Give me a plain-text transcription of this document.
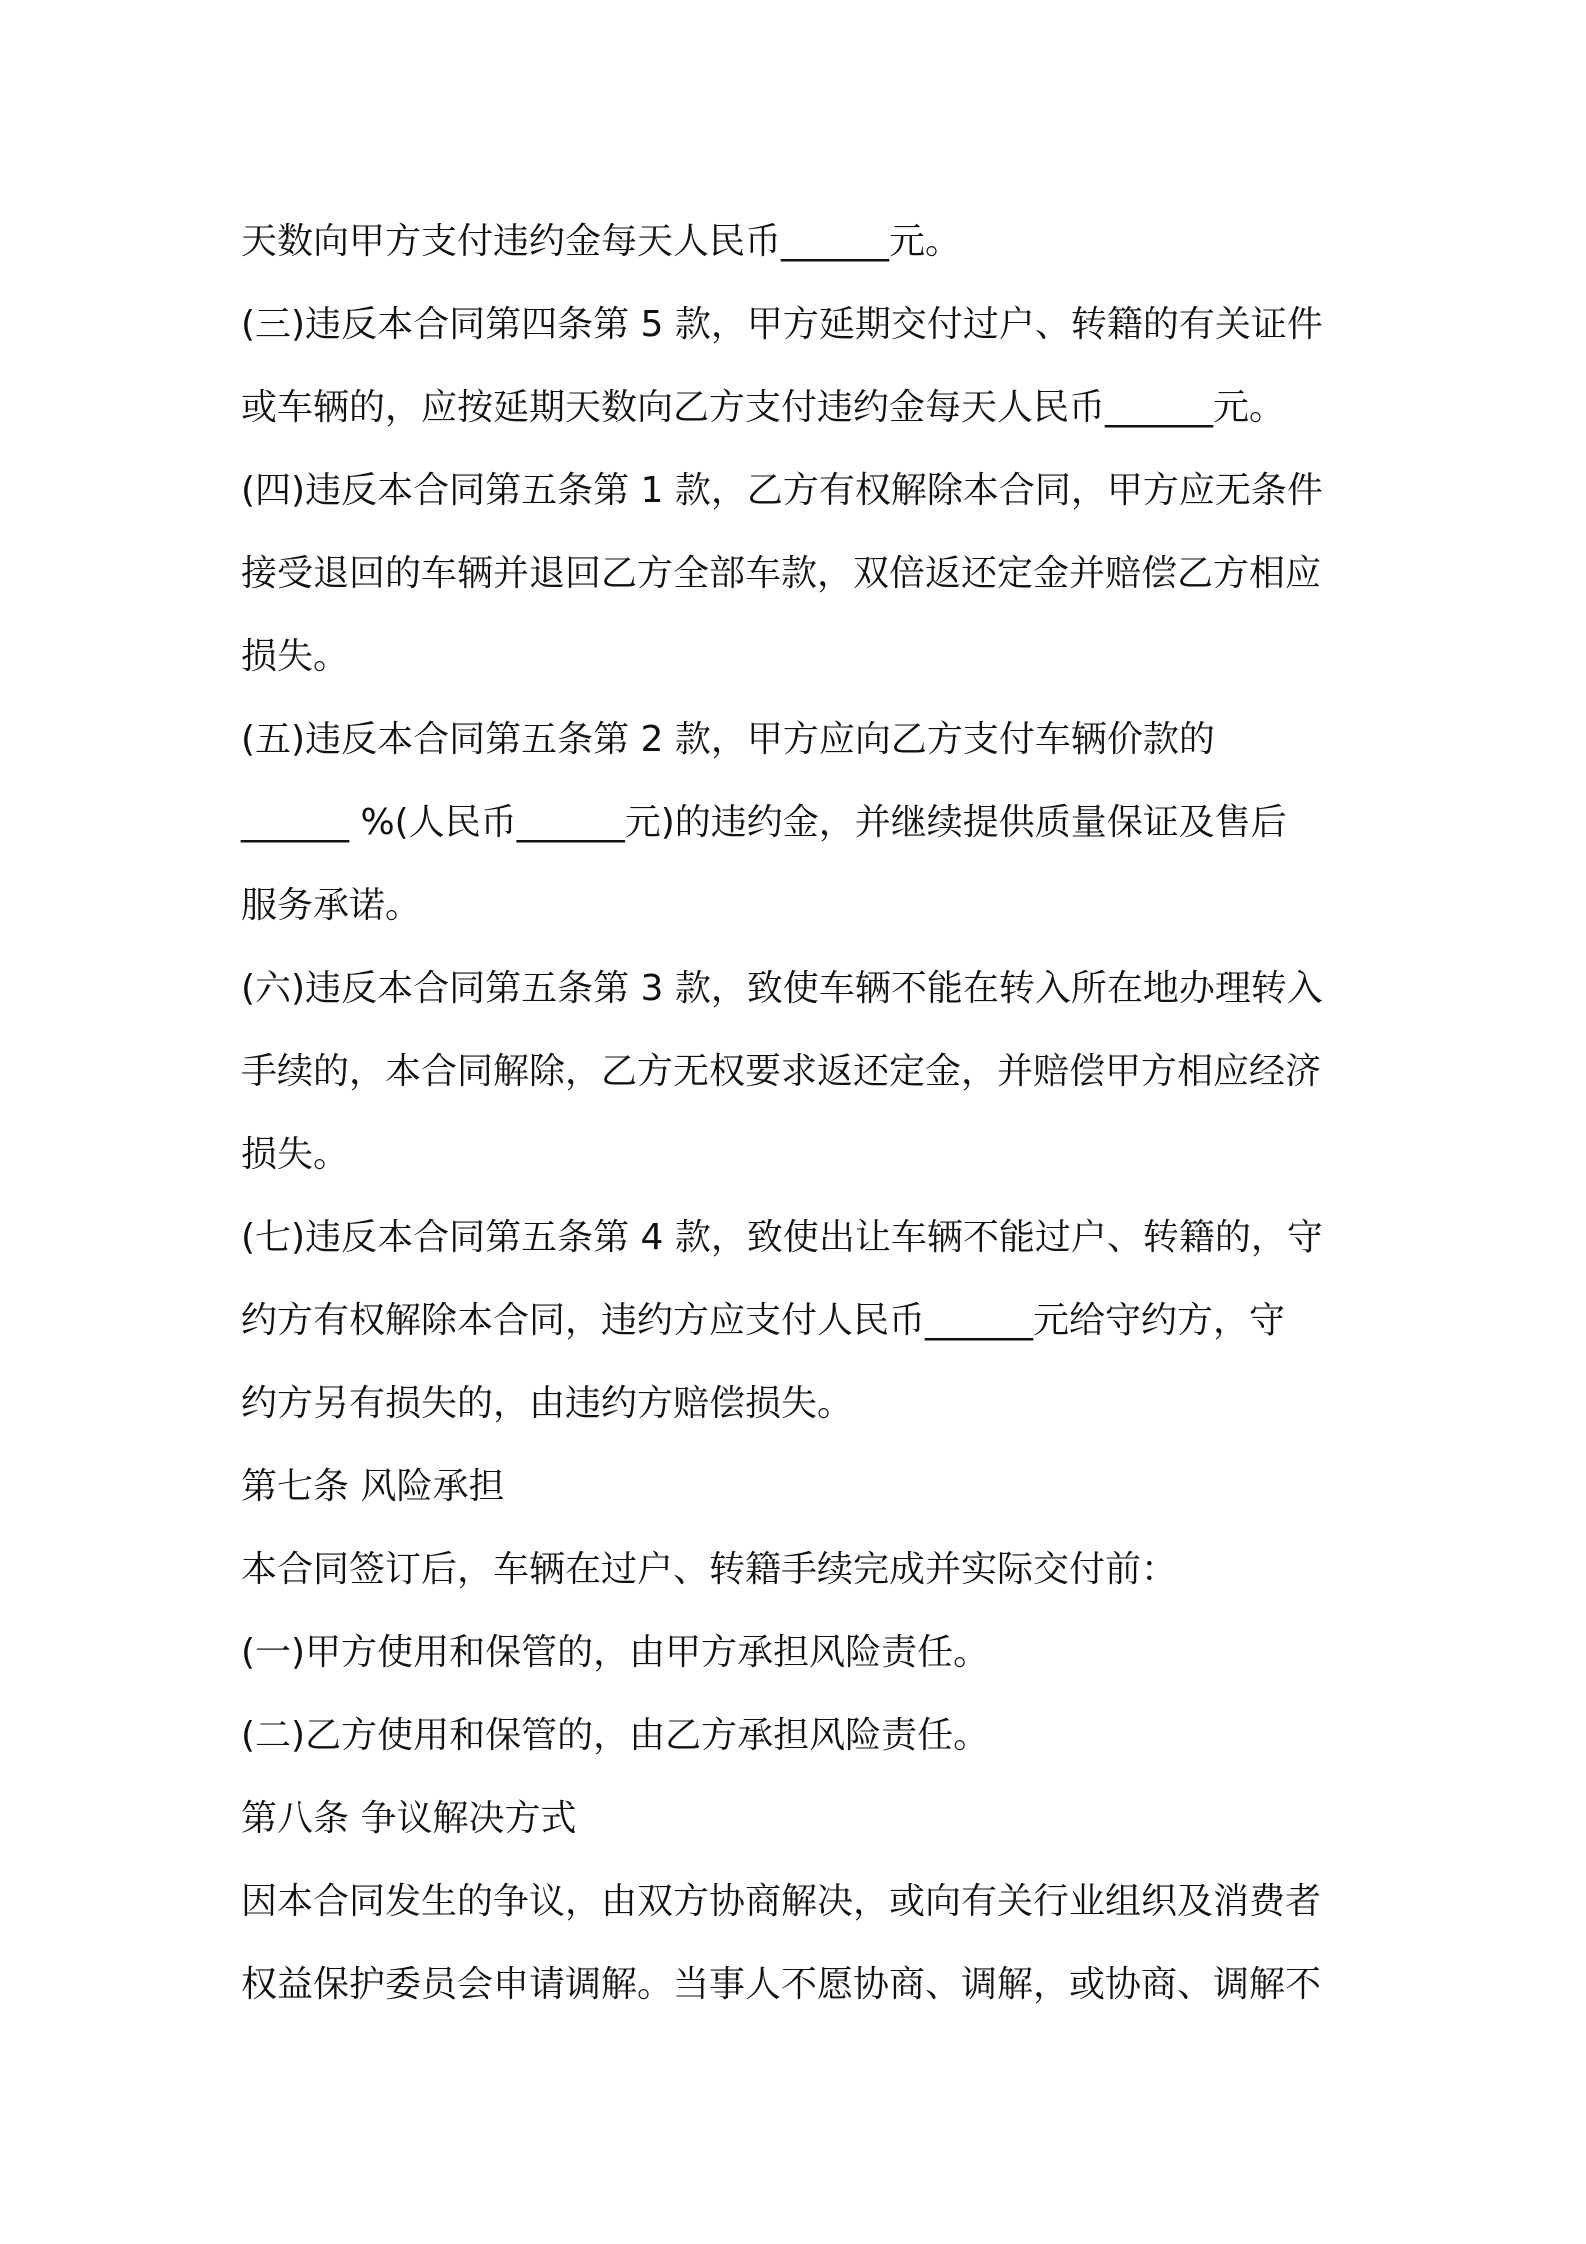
天数向甲方支付违约金每天人民币______元。
(三)违反本合同第四条第 5 款，甲方延期交付过户、转籍的有关证件
或车辆的，应按延期天数向乙方支付违约金每天人民币______元。
(四)违反本合同第五条第 1 款，乙方有权解除本合同，甲方应无条件
接受退回的车辆并退回乙方全部车款，双倍返还定金并赔偿乙方相应
损失。
(五)违反本合同第五条第 2 款，甲方应向乙方支付车辆价款的
______ %(人民币______元)的违约金，并继续提供质量保证及售后
服务承诺。
(六)违反本合同第五条第 3 款，致使车辆不能在转入所在地办理转入
手续的，本合同解除，乙方无权要求返还定金，并赔偿甲方相应经济
损失。
(七)违反本合同第五条第 4 款，致使出让车辆不能过户、转籍的，守
约方有权解除本合同，违约方应支付人民币______元给守约方，守
约方另有损失的，由违约方赔偿损失。
第七条 风险承担
本合同签订后，车辆在过户、转籍手续完成并实际交付前：
(一)甲方使用和保管的，由甲方承担风险责任。
(二)乙方使用和保管的，由乙方承担风险责任。
第八条 争议解决方式
因本合同发生的争议，由双方协商解决，或向有关行业组织及消费者
权益保护委员会申请调解。当事人不愿协商、调解，或协商、调解不
